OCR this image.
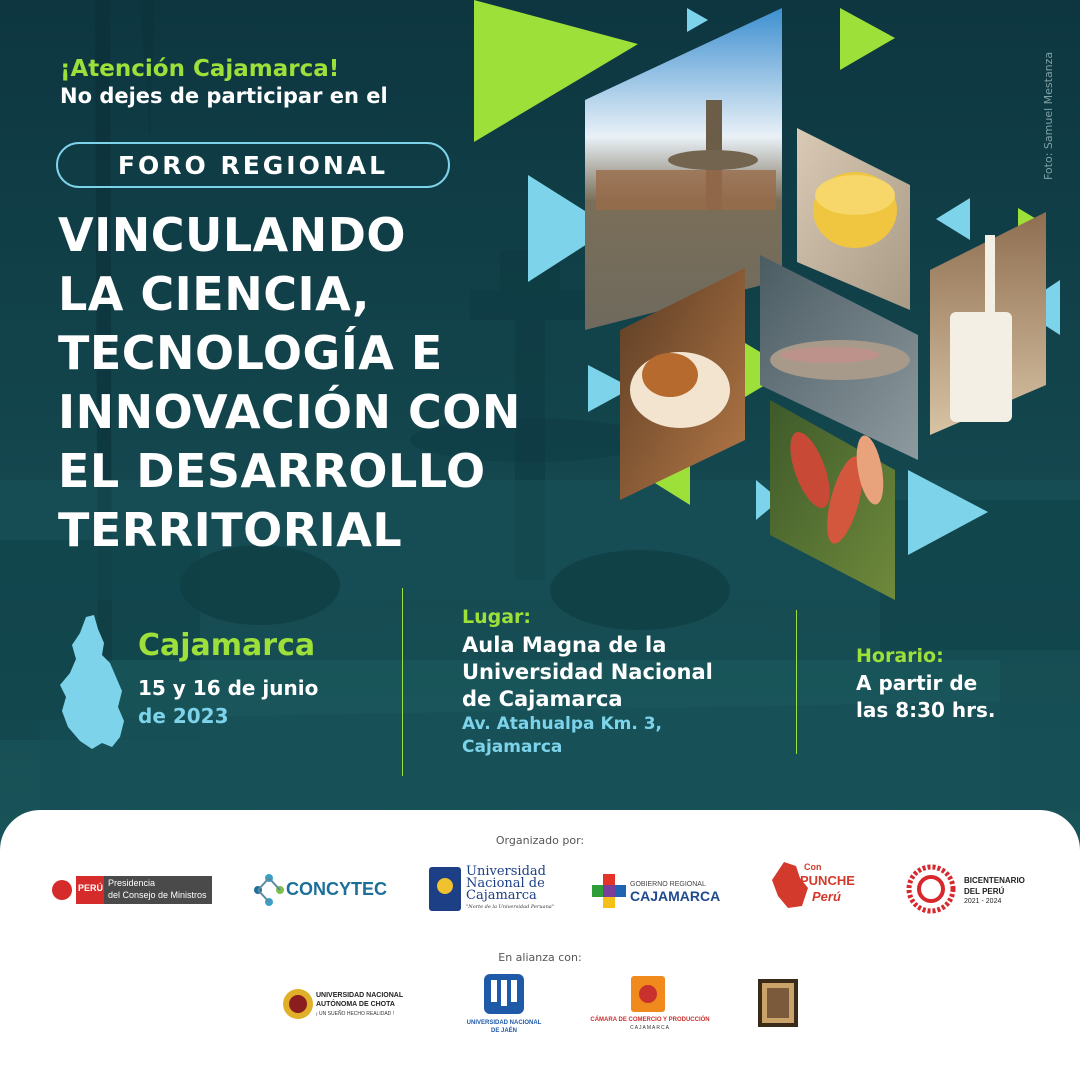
Foto: Samuel Mestanza
¡Atención Cajamarca!
No dejes de participar en el
FORO REGIONAL
VINCULANDO
LA CIENCIA,
TECNOLOGÍA E
INNOVACIÓN CON
EL DESARROLLO
TERRITORIAL
Cajamarca
15 y 16 de junio
de 2023
Lugar:
Aula Magna de la
Universidad Nacional
de Cajamarca
Av. Atahualpa Km. 3,
Cajamarca
Horario:
A partir de
las 8:30 hrs.
Organizado por:
PERÚ Presidencia
del Consejo de Ministros	CONCYTEC
Universidad
Nacional de
Cajamarca
"Norte de la Universidad Peruana"
GOBIERNO REGIONAL
CAJAMARCA
Con
PUNCHE
Perú
BICENTENARIO
DEL PERÚ
2021 - 2024
En alianza con:
UNIVERSIDAD NACIONAL
AUTÓNOMA DE CHOTA
¡ UN SUEÑO HECHO REALIDAD !
UNIVERSIDAD NACIONAL
DE JAÉN
CÁMARA DE COMERCIO Y PRODUCCIÓN
CAJAMARCA
